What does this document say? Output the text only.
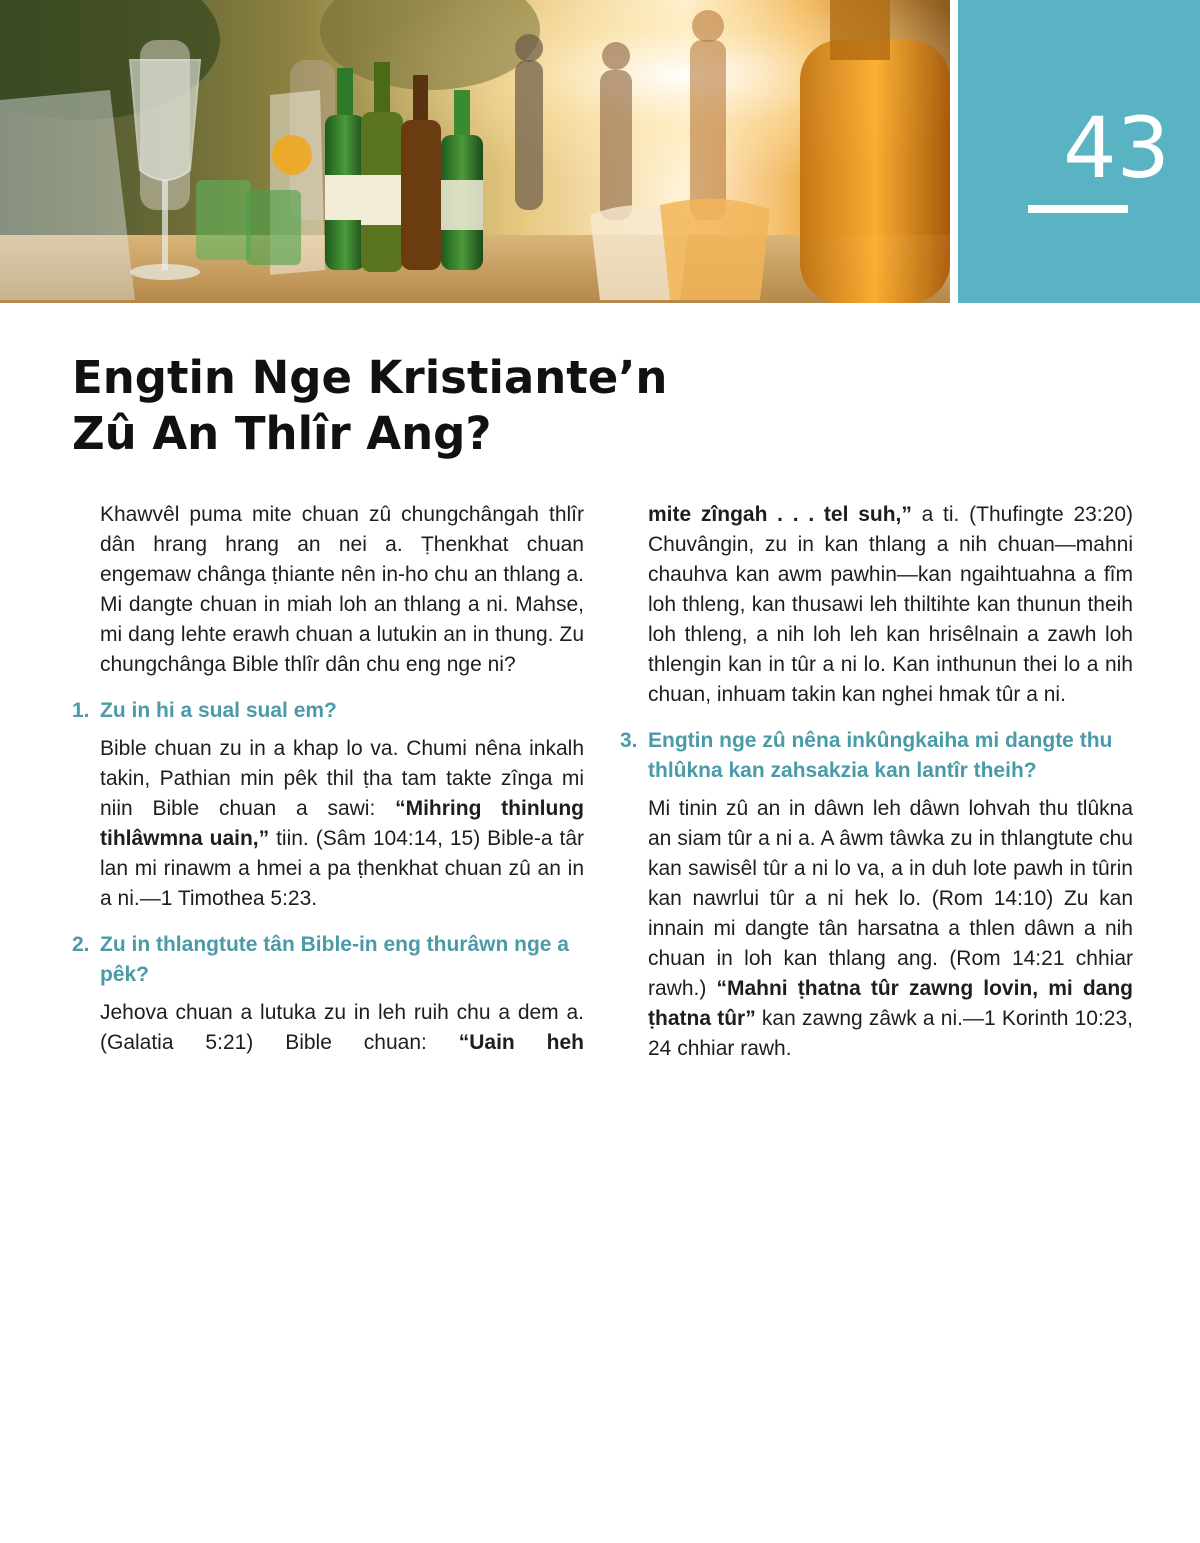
43
Engtin Nge Kristiante’n
Zû An Thlîr Ang?

Khawvêl puma mite chuan zû chungchângah thlîr dân hrang hrang an nei a. Ṭhenkhat chuan engemaw chânga ṭhiante nên in-ho chu an thlang a. Mi dangte chuan in miah loh an thlang a ni. Mahse, mi dang lehte erawh chuan a lutukin an in thung. Zu chungchânga Bible thlîr dân chu eng nge ni?

1. Zu in hi a sual sual em?

Bible chuan zu in a khap lo va. Chumi nêna inkalh takin, Pathian min pêk thil ṭha tam takte zînga mi niin Bible chuan a sawi: “Mihring thinlung tihlâwmna uain,” tiin. (Sâm 104:14, 15) Bible-a târ lan mi rinawm a hmei a pa ṭhenkhat chuan zû an in a ni.—1 Timothea 5:23.

2. Zu in thlangtute tân Bible-in eng thurâwn nge a pêk?

Jehova chuan a lutuka zu in leh ruih chu a dem a. (Galatia 5:21) Bible chuan: “Uain heh

mite zîngah . . . tel suh,” a ti. (Thufingte 23:20) Chuvângin, zu in kan thlang a nih chuan—mahni chauhva kan awm pawhin—kan ngaihtuahna a fîm loh thleng, kan thusawi leh thiltihte kan thunun theih loh thleng, a nih loh leh kan hrisêlnain a zawh loh thlengin kan in tûr a ni lo. Kan inthunun thei lo a nih chuan, inhuam takin kan nghei hmak tûr a ni.

3. Engtin nge zû nêna inkûngkaiha mi dangte thu thlûkna kan zahsakzia kan lantîr theih?

Mi tinin zû an in dâwn leh dâwn lohvah thu tlûkna an siam tûr a ni a. A âwm tâwka zu in thlangtute chu kan sawisêl tûr a ni lo va, a in duh lote pawh in tûrin kan nawrlui tûr a ni hek lo. (Rom 14:10) Zu kan innain mi dangte tân harsatna a thlen dâwn a nih chuan in loh kan thlang ang. (Rom 14:21 chhiar rawh.) “Mahni ṭhatna tûr zawng lovin, mi dang ṭhatna tûr” kan zawng zâwk a ni.—1 Korinth 10:23, 24 chhiar rawh.
